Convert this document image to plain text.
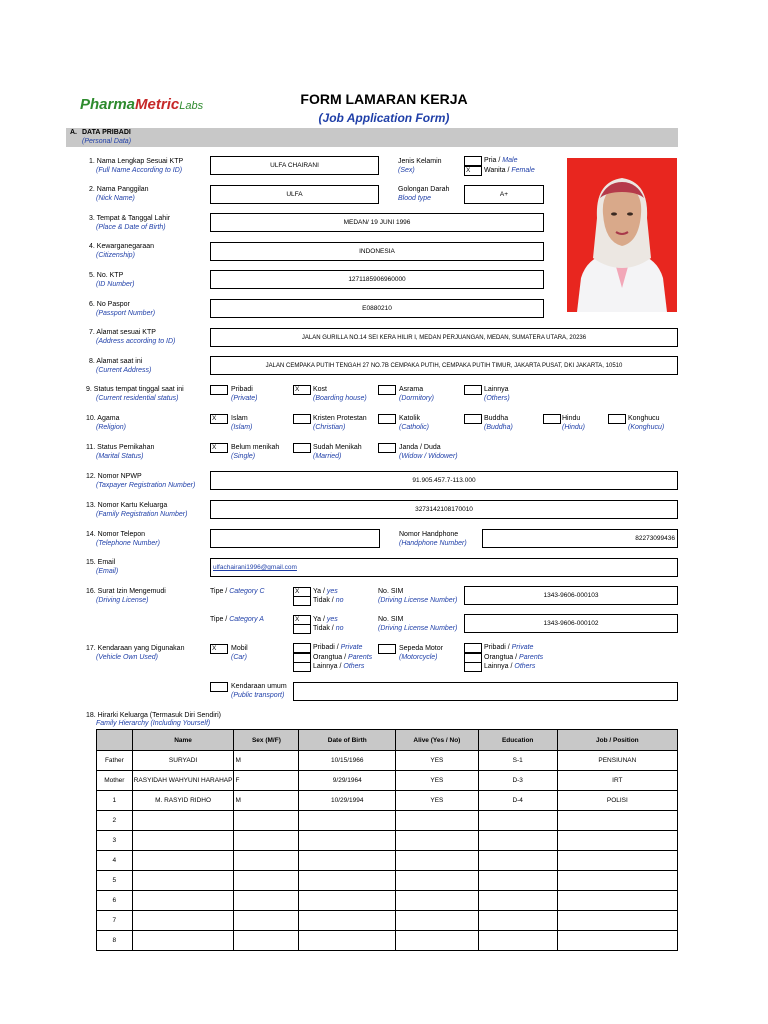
PharmaMetricLabs	FORM LAMARAN KERJA
(Job Application Form)
A. DATA PRIBADI
(Personal Data)
1. Nama Lengkap Sesuai KTP
(Full Name According to ID)
ULFA CHAIRANI
Jenis Kelamin
(Sex)
Pria / Male
X	Wanita / Female
2. Nama Panggilan
(Nick Name)
ULFA
Golongan Darah
Blood type
A+
3. Tempat & Tanggal Lahir
(Place & Date of Birth)
MEDAN/ 19 JUNI 1996
4. Kewarganegaraan
(Citizenship)
INDONESIA
5. No. KTP
(ID Number)
1271185906960000
6. No Paspor
(Passport Number)
E0880210
7. Alamat sesuai KTP
(Address according to ID)
JALAN GURILLA NO.14 SEI KERA HILIR I, MEDAN PERJUANGAN, MEDAN, SUMATERA UTARA, 20236
8. Alamat saat ini
(Current Address)
JALAN CEMPAKA PUTIH TENGAH 27 NO.7B CEMPAKA PUTIH, CEMPAKA PUTIH TIMUR, JAKARTA PUSAT, DKI JAKARTA, 10510
9. Status tempat tinggal saat ini
(Current residential status)
Pribadi
(Private)
X	Kost
(Boarding house)
Asrama
(Dormitory)
Lainnya
(Others)
10. Agama
(Religion)
X	Islam
(Islam)
Kristen Protestan
(Christian)
Katolik
(Catholic)
Buddha
(Buddha)
Hindu
(Hindu)
Konghucu
(Konghucu)
11. Status Pernikahan
(Marital Status)
X	Belum menikah
(Single)
Sudah Menikah
(Married)
Janda / Duda
(Widow / Widower)
12. Nomor NPWP
(Taxpayer Registration Number)
91.905.457.7-113.000
13. Nomor Kartu Keluarga
(Family Registration Number)
3273142108170010
14. Nomor Telepon
(Telephone Number)
Nomor Handphone
(Handphone Number)
82273099436
15. Email
(Email)
ulfachairani1996@gmail.com
16. Surat Izin Mengemudi
(Driving License)
Tipe / Category C	X	Ya / yes
Tidak / no
No. SIM
(Driving License Number)
1343-9606-000103
Tipe / Category A	X	Ya / yes
Tidak / no
No. SIM
(Driving License Number)
1343-9606-000102
17. Kendaraan yang Digunakan
(Vehicle Own Used)
X	Mobil
(Car)
Pribadi / Private
Orangtua / Parents
Lainnya / Others
Sepeda Motor
(Motorcycle)
Pribadi / Private
Orangtua / Parents
Lainnya / Others
Kendaraan umum
(Public transport)
18. Hirarki Keluarga (Termasuk Diri Sendiri)
Family Hierarchy (Including Yourself)
	Name	Sex (M/F)	Date of Birth	Alive (Yes / No)	Education	Job / Position
Father	SURYADI	M	10/15/1966	YES	S-1	PENSIUNAN
Mother	RASYIDAH WAHYUNI HARAHAP	F	9/29/1964	YES	D-3	IRT
1	M. RASYID RIDHO	M	10/29/1994	YES	D-4	POLISI
2						
3						
4						
5						
6						
7						
8						
